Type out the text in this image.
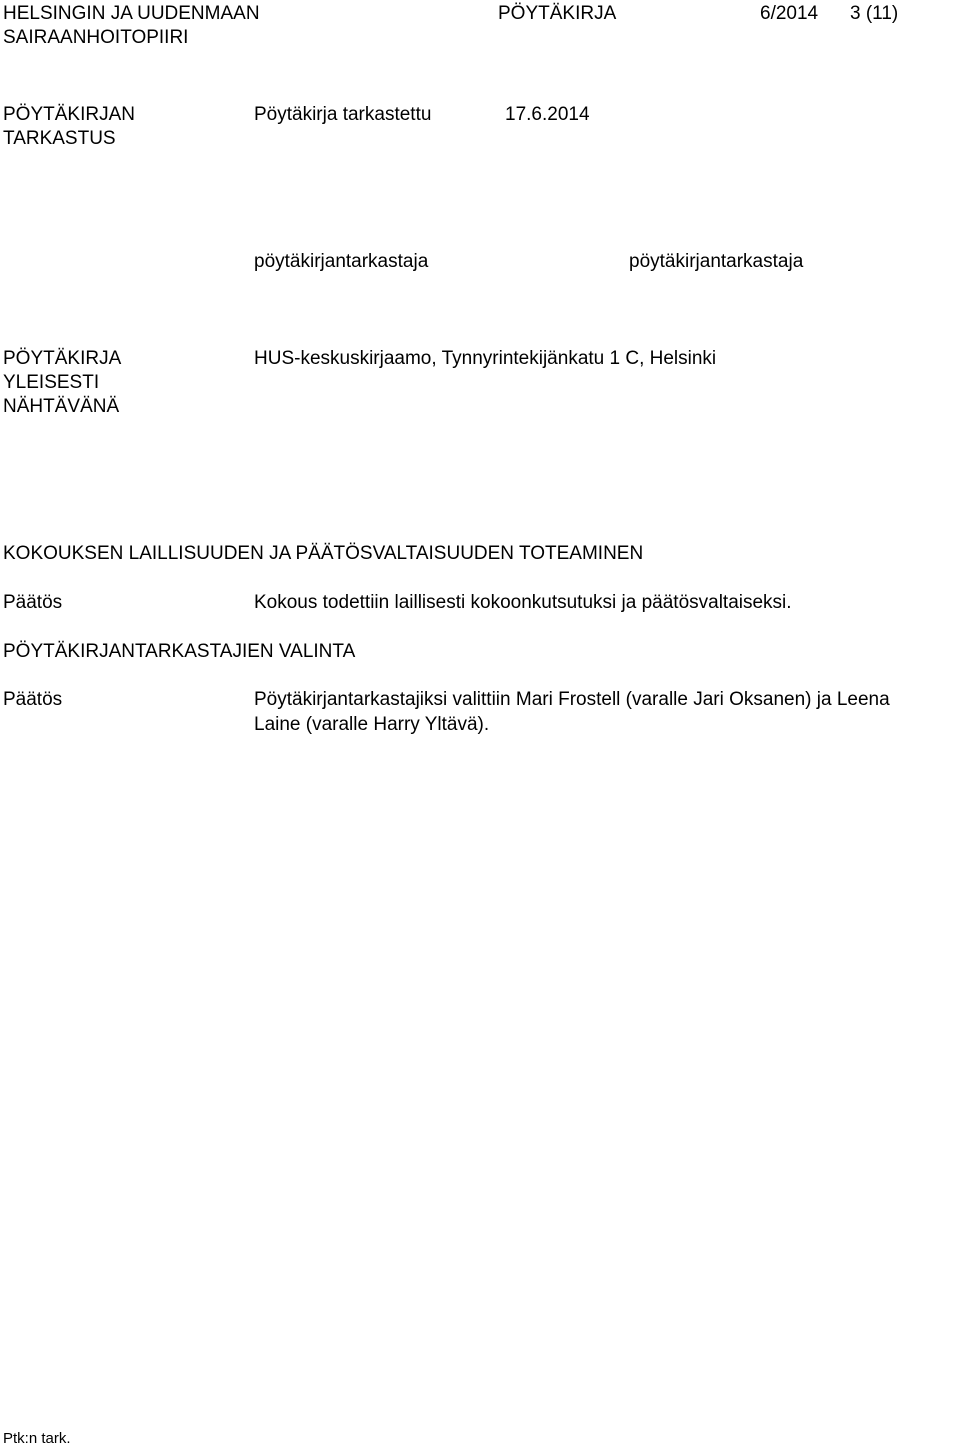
HELSINGIN JA UUDENMAAN
SAIRAANHOITOPIIRI
PÖYTÄKIRJA	6/2014 3 (11)
PÖYTÄKIRJAN
TARKASTUS
Pöytäkirja tarkastettu	17.6.2014
pöytäkirjantarkastaja	pöytäkirjantarkastaja
PÖYTÄKIRJA
YLEISESTI
NÄHTÄVÄNÄ
HUS-keskuskirjaamo, Tynnyrintekijänkatu 1 C, Helsinki
KOKOUKSEN LAILLISUUDEN JA PÄÄTÖSVALTAISUUDEN TOTEAMINEN
Päätös	Kokous todettiin laillisesti kokoonkutsutuksi ja päätösvaltaiseksi.
PÖYTÄKIRJANTARKASTAJIEN VALINTA
Päätös	Pöytäkirjantarkastajiksi valittiin Mari Frostell (varalle Jari Oksanen) ja Leena
Laine (varalle Harry Yltävä).
Ptk:n tark.
